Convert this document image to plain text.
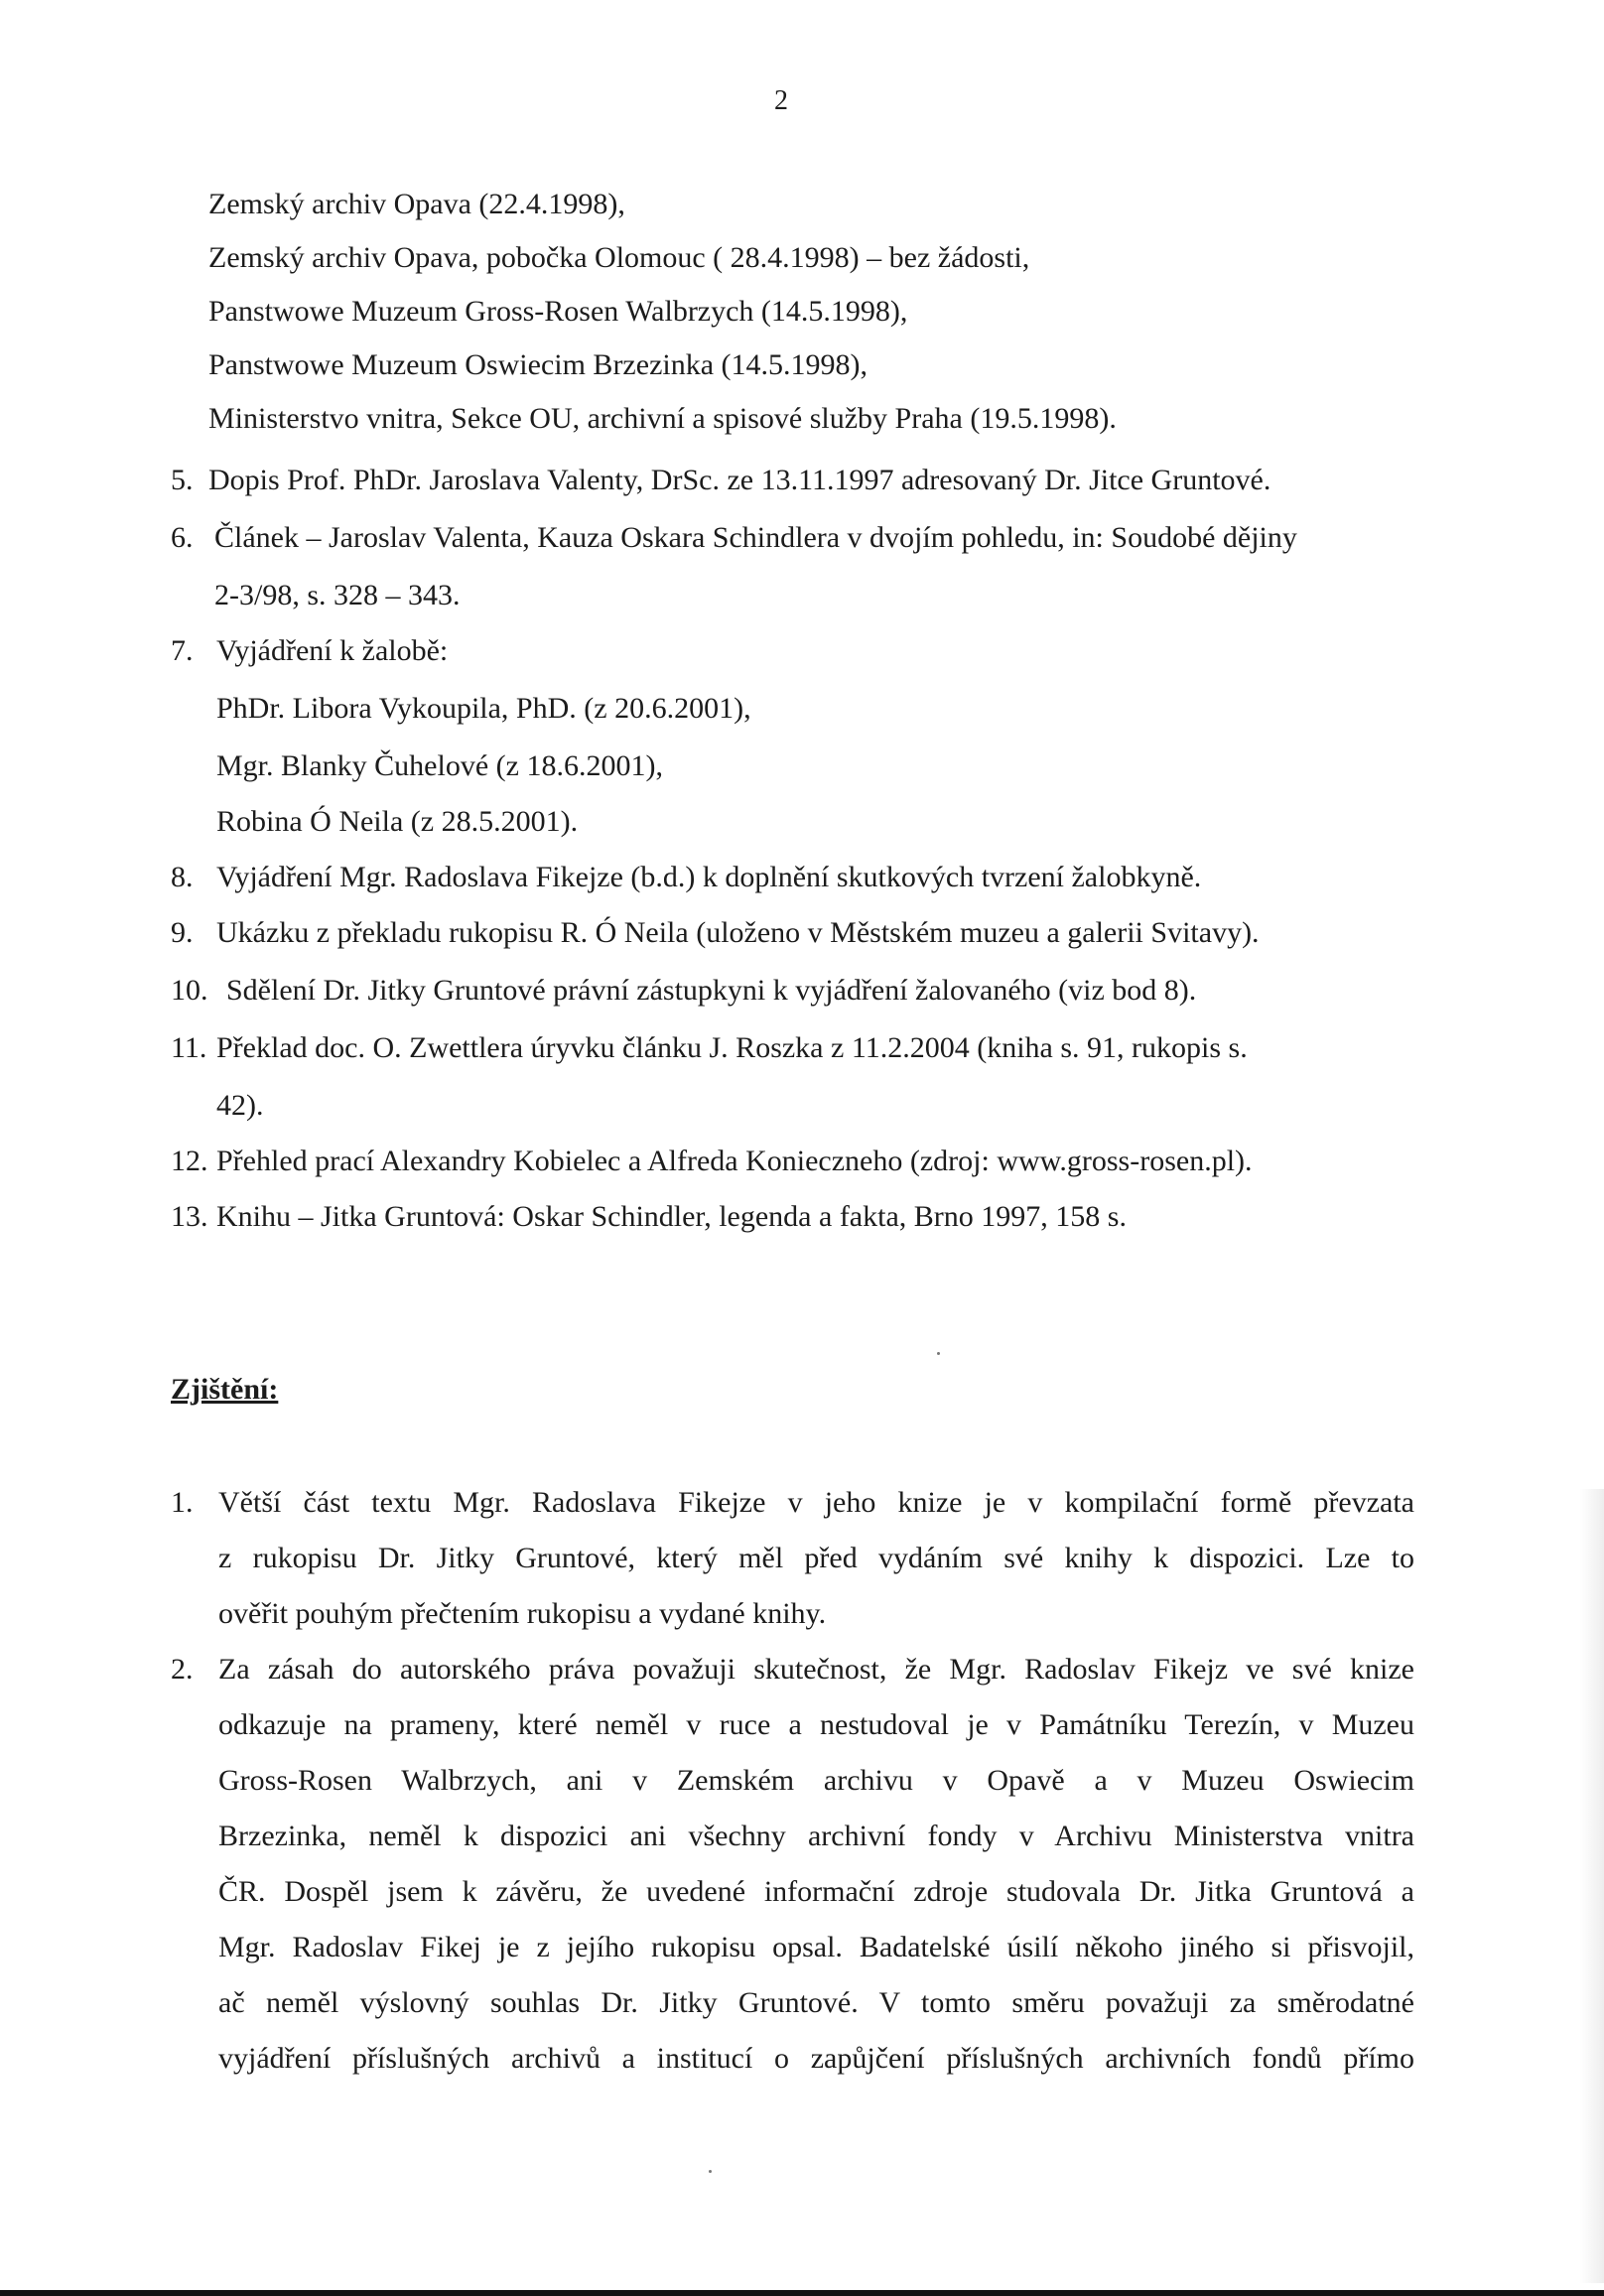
2
Zemský archiv Opava (22.4.1998),
Zemský archiv Opava, pobočka Olomouc ( 28.4.1998) – bez žádosti,
Panstwowe Muzeum Gross-Rosen Walbrzych (14.5.1998),
Panstwowe Muzeum Oswiecim Brzezinka (14.5.1998),
Ministerstvo vnitra, Sekce OU, archivní a spisové služby Praha (19.5.1998).
5. Dopis Prof. PhDr. Jaroslava Valenty, DrSc. ze 13.11.1997 adresovaný Dr. Jitce Gruntové.
6. Článek – Jaroslav Valenta, Kauza Oskara Schindlera v dvojím pohledu, in: Soudobé dějiny
2-3/98, s. 328 – 343.
7. Vyjádření k žalobě:
PhDr. Libora Vykoupila, PhD. (z 20.6.2001),
Mgr. Blanky Čuhelové (z 18.6.2001),
Robina Ó Neila (z 28.5.2001).
8. Vyjádření Mgr. Radoslava Fikejze (b.d.) k doplnění skutkových tvrzení žalobkyně.
9. Ukázku z překladu rukopisu R. Ó Neila (uloženo v Městském muzeu a galerii Svitavy).
10. Sdělení Dr. Jitky Gruntové právní zástupkyni k vyjádření žalovaného (viz bod 8).
11. Překlad doc. O. Zwettlera úryvku článku J. Roszka z 11.2.2004 (kniha s. 91, rukopis s.
42).
12. Přehled prací Alexandry Kobielec a Alfreda Konieczneho (zdroj: www.gross-rosen.pl).
13. Knihu – Jitka Gruntová: Oskar Schindler, legenda a fakta, Brno 1997, 158 s.
Zjištění:
1. Větší část textu Mgr. Radoslava Fikejze v jeho knize je v kompilační formě převzata
z rukopisu Dr. Jitky Gruntové, který měl před vydáním své knihy k dispozici. Lze to
ověřit pouhým přečtením rukopisu a vydané knihy.
2. Za zásah do autorského práva považuji skutečnost, že Mgr. Radoslav Fikejz ve své knize
odkazuje na prameny, které neměl v ruce a nestudoval je v Památníku Terezín, v Muzeu
Gross-Rosen Walbrzych, ani v Zemském archivu v Opavě a v Muzeu Oswiecim
Brzezinka, neměl k dispozici ani všechny archivní fondy v Archivu Ministerstva vnitra
ČR. Dospěl jsem k závěru, že uvedené informační zdroje studovala Dr. Jitka Gruntová a
Mgr. Radoslav Fikej je z jejího rukopisu opsal. Badatelské úsilí někoho jiného si přisvojil,
ač neměl výslovný souhlas Dr. Jitky Gruntové. V tomto směru považuji za směrodatné
vyjádření příslušných archivů a institucí o zapůjčení příslušných archivních fondů přímo
